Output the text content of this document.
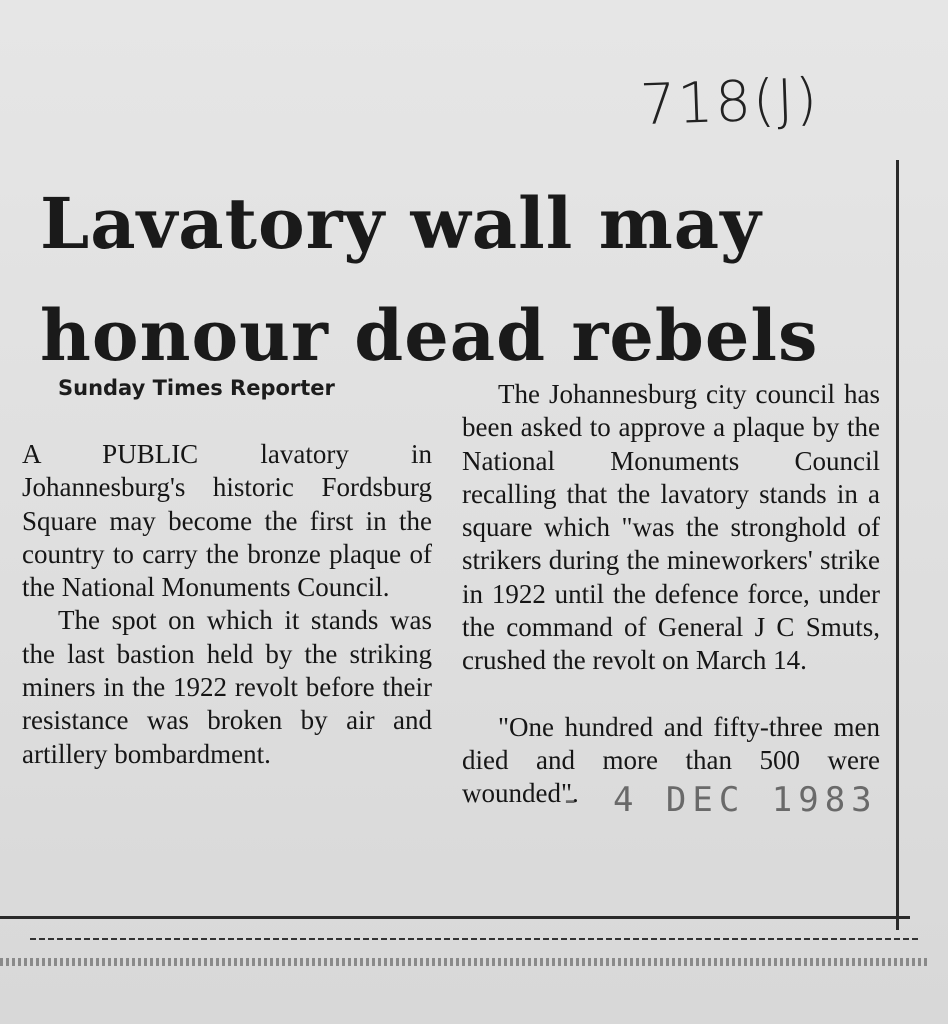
718(J)
Lavatory wall may
honour dead rebels
Sunday Times Reporter

A PUBLIC lavatory in Johannesburg's historic Fordsburg Square may become the first in the country to carry the bronze plaque of the National Monuments Council.

The spot on which it stands was the last bastion held by the striking miners in the 1922 revolt before their resistance was broken by air and artillery bombardment.

The Johannesburg city council has been asked to approve a plaque by the National Monuments Council recalling that the lavatory stands in a square which "was the stronghold of strikers during the mineworkers' strike in 1922 until the defence force, under the command of General J C Smuts, crushed the revolt on March 14.

"One hundred and fifty-three men died and more than 500 were wounded".

- 4 DEC 1983
